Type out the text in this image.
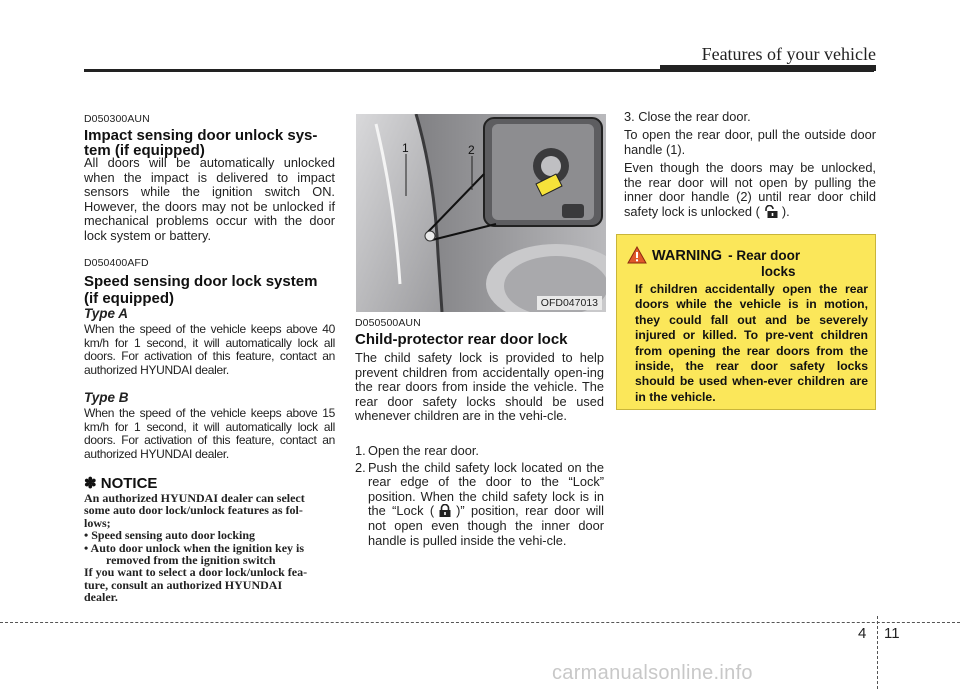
Features of your vehicle
D050300AUN
Impact sensing door unlock sys-
tem (if equipped)
All doors will be automatically unlocked when the impact is delivered to impact sensors while the ignition switch ON. However, the doors may not be unlocked if mechanical problems occur with the door lock system or battery.
D050400AFD
Speed sensing door lock system
(if equipped)
Type A
When the speed of the vehicle keeps above 40 km/h for 1 second, it will automatically lock all doors. For activation of this feature, contact an authorized HYUNDAI dealer.
Type B
When the speed of the vehicle keeps above 15 km/h for 1 second, it will automatically lock all doors. For activation of this feature, contact an authorized HYUNDAI dealer.
✽ NOTICE
An authorized HYUNDAI dealer can select
some auto door lock/unlock features as fol-
lows;
• Speed sensing auto door locking
• Auto door unlock when the ignition key is
removed from the ignition switch
If you want to select a door lock/unlock fea-
ture, consult an authorized HYUNDAI
dealer.
1	2
OFD047013
D050500AUN
Child-protector rear door lock
The child safety lock is provided to help prevent children from accidentally open-ing the rear doors from inside the vehicle. The rear door safety locks should be used whenever children are in the vehi-cle.
1. Open the rear door.
2. Push the child safety lock located on the rear edge of the door to the “Lock” position. When the child safety lock is in the “Lock ( )” position, rear door will not open even though the inner door handle is pulled inside the vehi-cle.
3. Close the rear door.
To open the rear door, pull the outside door handle (1).
Even though the doors may be unlocked, the rear door will not open by pulling the inner door handle (2) until rear door child safety lock is unlocked ( ).
WARNING - Rear door
locks
If children accidentally open the rear doors while the vehicle is in motion, they could fall out and be severely injured or killed. To pre-vent children from opening the rear doors from the inside, the rear door safety locks should be used when-ever children are in the vehicle.
4 11
carmanualsonline.info
